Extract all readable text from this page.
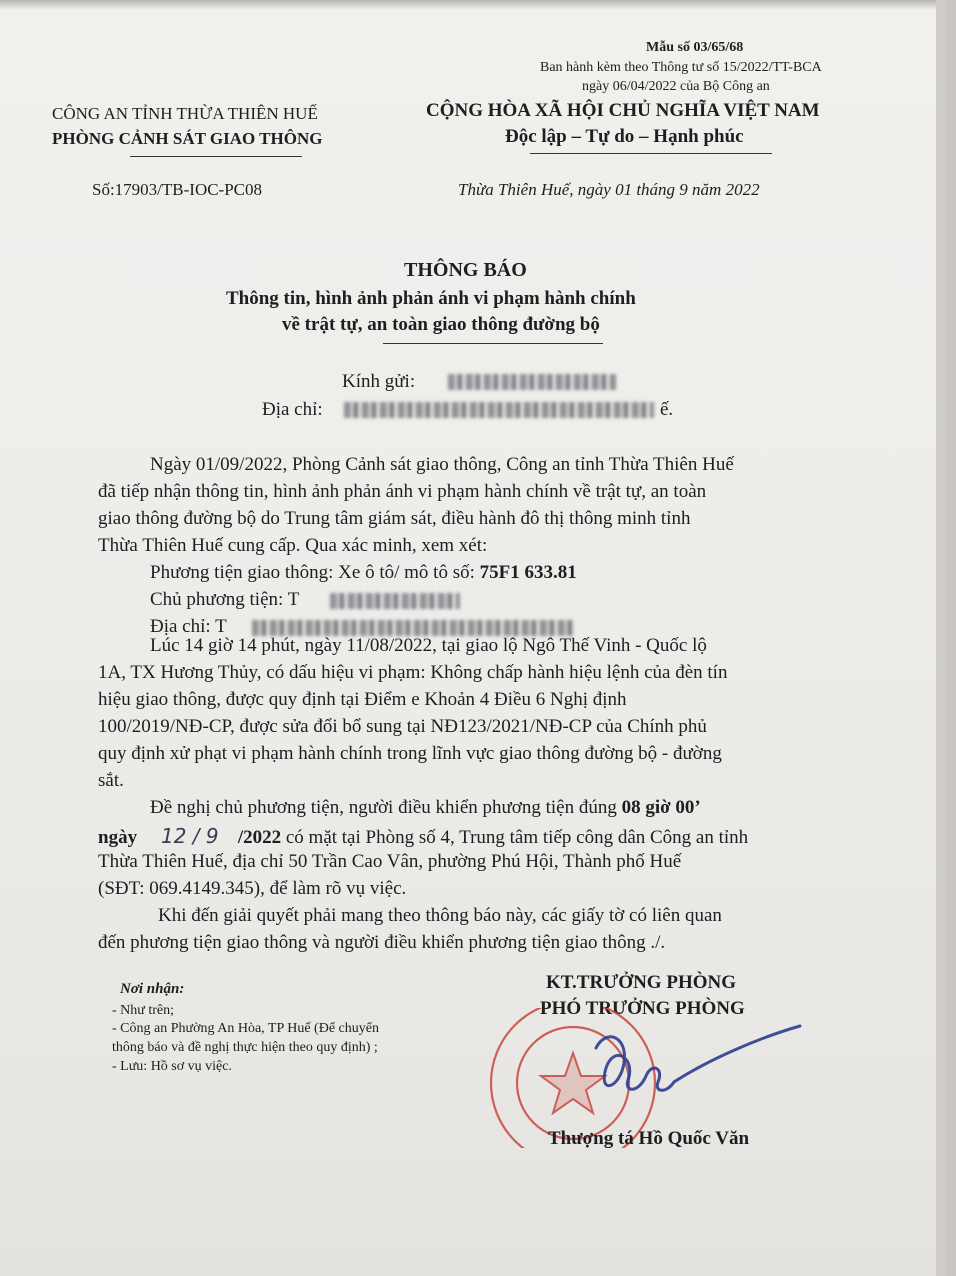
Mẫu số 03/65/68
Ban hành kèm theo Thông tư số 15/2022/TT-BCA
ngày 06/04/2022 của Bộ Công an
CÔNG AN TỈNH THỪA THIÊN HUẾ
PHÒNG CẢNH SÁT GIAO THÔNG
Số:17903/TB-IOC-PC08
CỘNG HÒA XÃ HỘI CHỦ NGHĨA VIỆT NAM
Độc lập – Tự do – Hạnh phúc
Thừa Thiên Huế, ngày 01 tháng 9 năm 2022
THÔNG BÁO
Thông tin, hình ảnh phản ánh vi phạm hành chính
về trật tự, an toàn giao thông đường bộ
Kính gửi:
Địa chỉ:	ế.
Ngày 01/09/2022, Phòng Cảnh sát giao thông, Công an tỉnh Thừa Thiên Huế
đã tiếp nhận thông tin, hình ảnh phản ánh vi phạm hành chính về trật tự, an toàn
giao thông đường bộ do Trung tâm giám sát, điều hành đô thị thông minh tỉnh
Thừa Thiên Huế cung cấp. Qua xác minh, xem xét:
Phương tiện giao thông: Xe ô tô/ mô tô số: 75F1 633.81
Chủ phương tiện: T
Địa chỉ: T
Lúc 14 giờ 14 phút, ngày 11/08/2022, tại giao lộ Ngô Thế Vinh - Quốc lộ
1A, TX Hương Thủy, có dấu hiệu vi phạm: Không chấp hành hiệu lệnh của đèn tín
hiệu giao thông, được quy định tại Điểm e Khoản 4 Điều 6 Nghị định
100/2019/NĐ-CP, được sửa đổi bổ sung tại NĐ123/2021/NĐ-CP của Chính phủ
quy định xử phạt vi phạm hành chính trong lĩnh vực giao thông đường bộ - đường
sắt.
Đề nghị chủ phương tiện, người điều khiển phương tiện đúng 08 giờ 00’
ngày 12 / 9 /2022 có mặt tại Phòng số 4, Trung tâm tiếp công dân Công an tỉnh
Thừa Thiên Huế, địa chỉ 50 Trần Cao Vân, phường Phú Hội, Thành phố Huế
(SĐT: 069.4149.345), để làm rõ vụ việc.
Khi đến giải quyết phải mang theo thông báo này, các giấy tờ có liên quan
đến phương tiện giao thông và người điều khiển phương tiện giao thông ./.
Nơi nhận:
- Như trên;
- Công an Phường An Hòa, TP Huế (Để chuyển
thông báo và đề nghị thực hiện theo quy định) ;
- Lưu: Hồ sơ vụ việc.
KT.TRƯỞNG PHÒNG
PHÓ TRƯỞNG PHÒNG
Thượng tá Hồ Quốc Văn
